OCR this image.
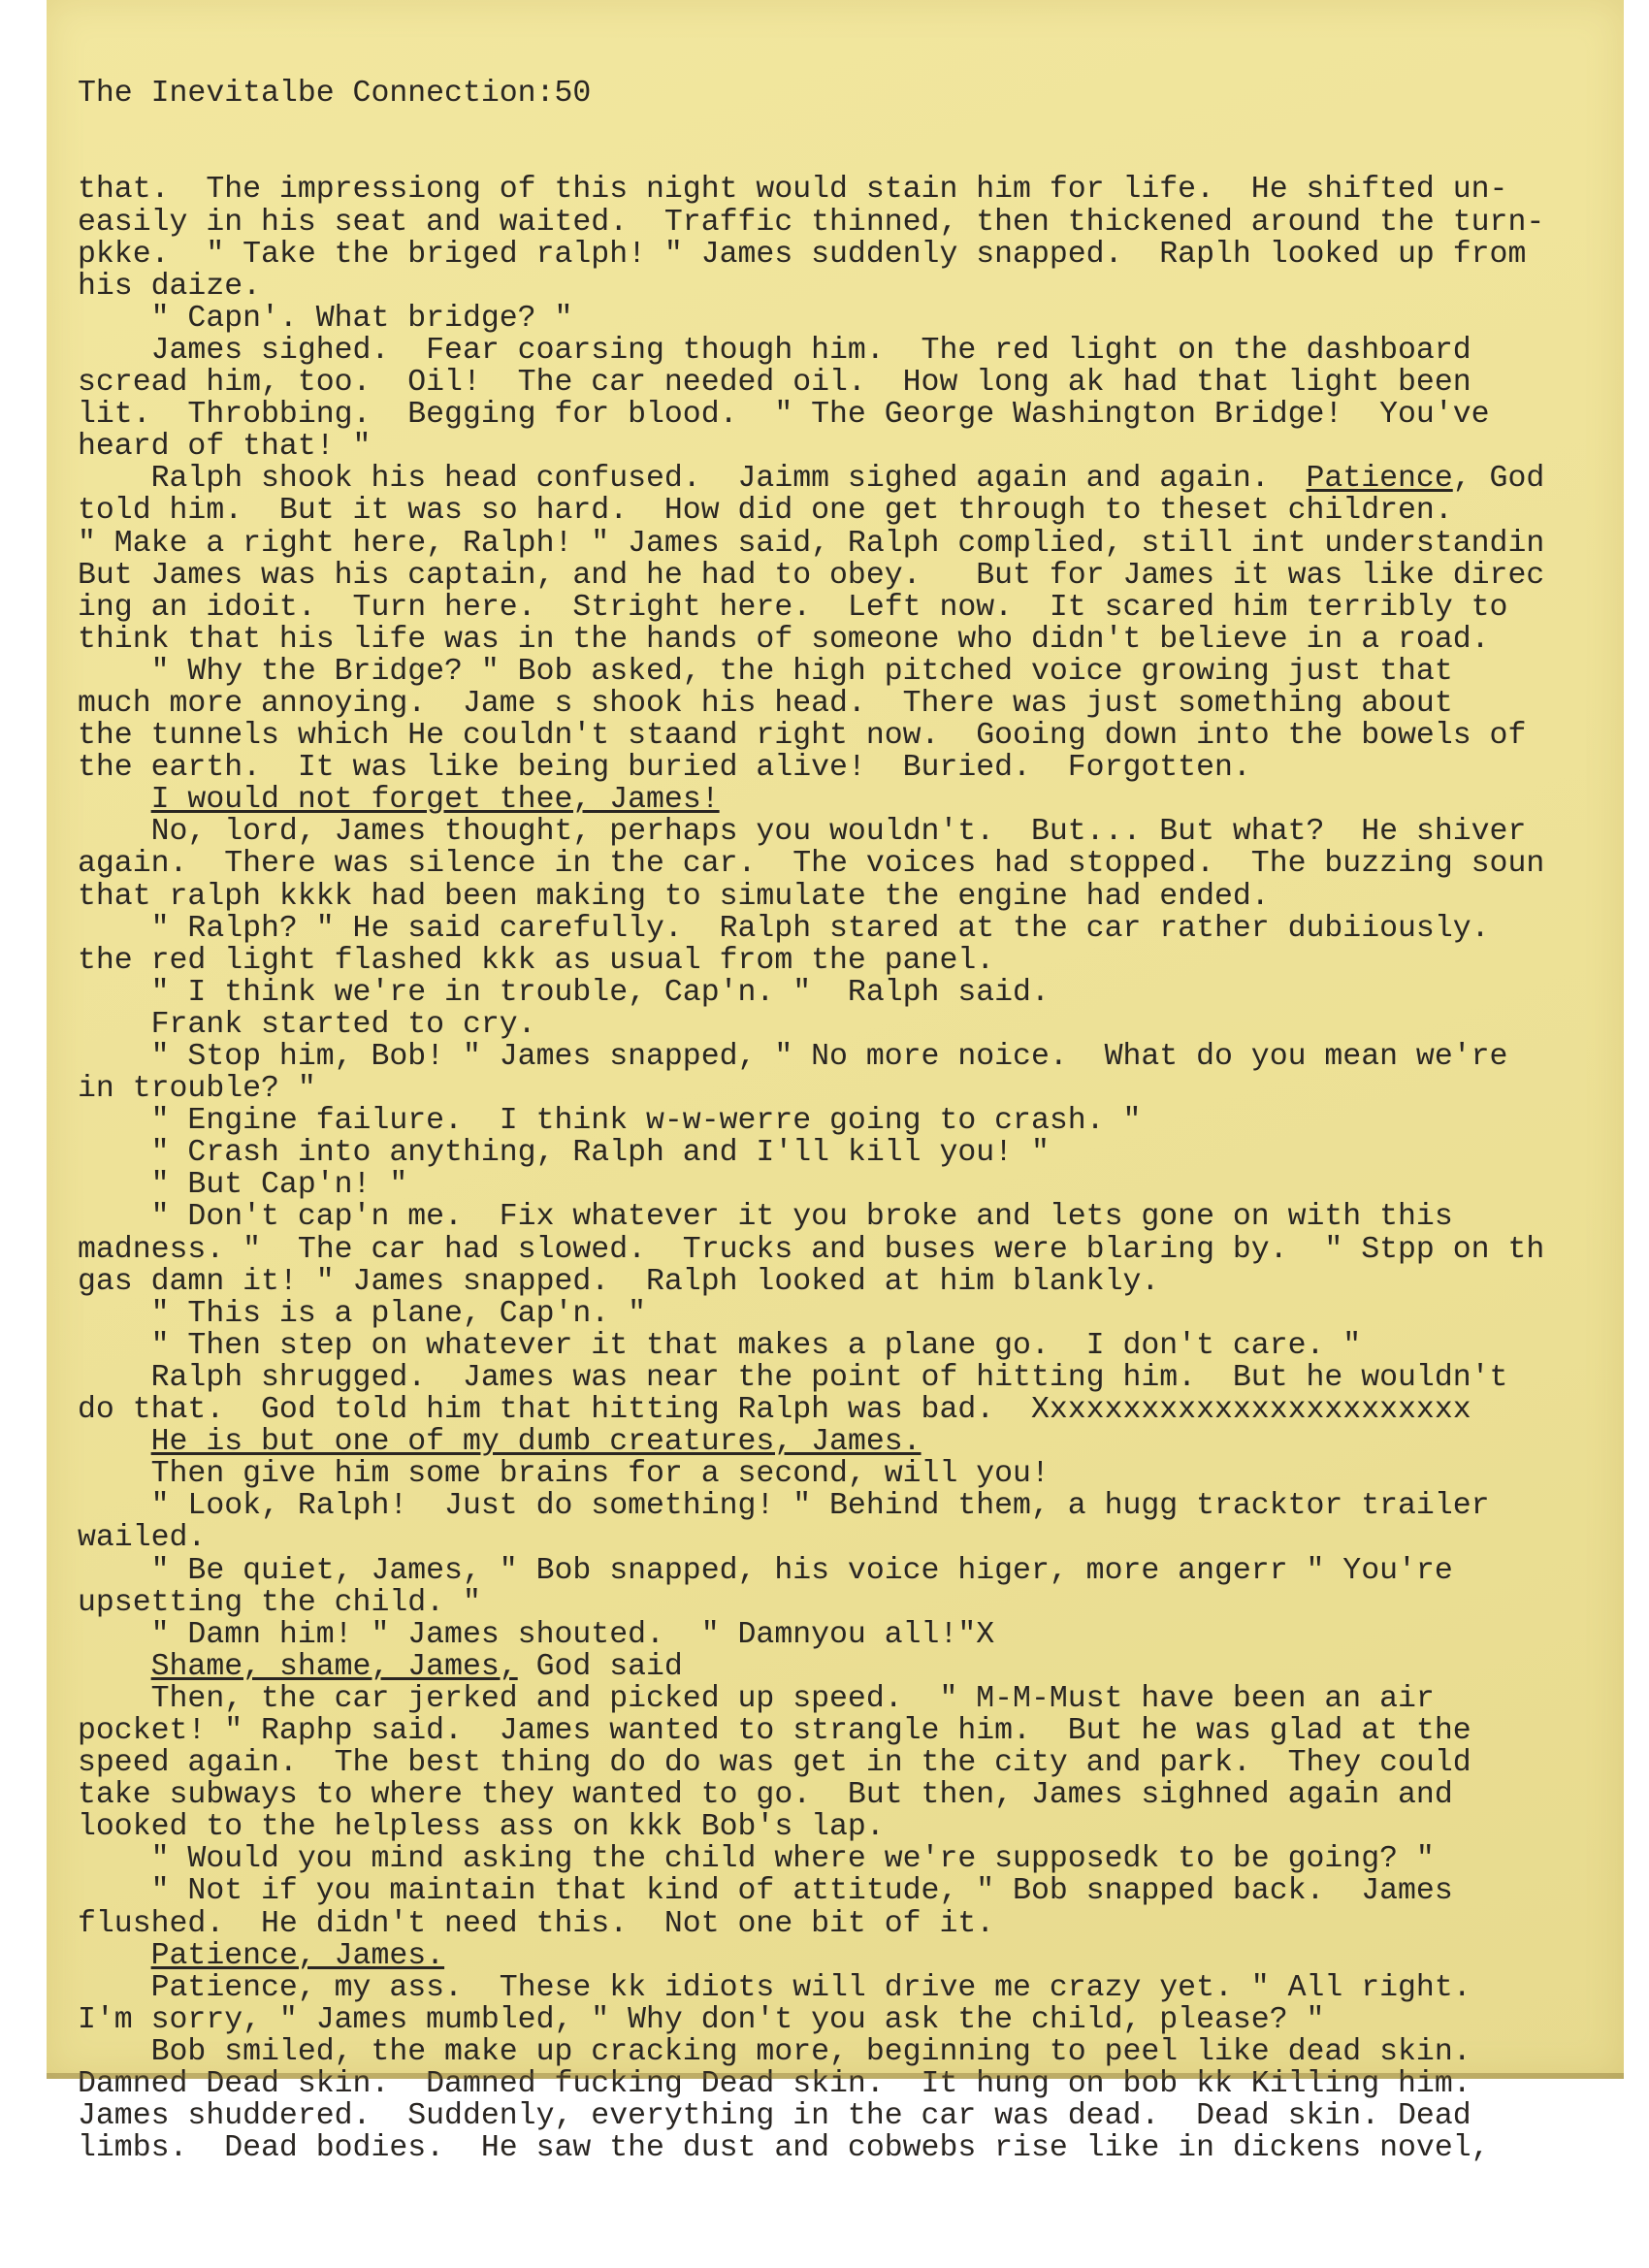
The Inevitalbe Connection:50

that.  The impressiong of this night would stain him for life.  He shifted un-
easily in his seat and waited.  Traffic thinned, then thickened around the turn-
pkke.  " Take the briged ralph! " James suddenly snapped.  Raplh looked up from
his daize.
" Capn'. What bridge? "
James sighed.  Fear coarsing though him.  The red light on the dashboard
scread him, too.  Oil!  The car needed oil.  How long ak had that light been
lit.  Throbbing.  Begging for blood.  " The George Washington Bridge!  You've
heard of that! "
Ralph shook his head confused.  Jaimm sighed again and again.  Patience, God
told him.  But it was so hard.  How did one get through to theset children.
" Make a right here, Ralph! " James said, Ralph complied, still int understandin
But James was his captain, and he had to obey.   But for James it was like direc
ing an idoit.  Turn here.  Stright here.  Left now.  It scared him terribly to
think that his life was in the hands of someone who didn't believe in a road.
" Why the Bridge? " Bob asked, the high pitched voice growing just that
much more annoying.  Jame s shook his head.  There was just something about
the tunnels which He couldn't staand right now.  Gooing down into the bowels of
the earth.  It was like being buried alive!  Buried.  Forgotten.
I would not forget thee, James!
No, lord, James thought, perhaps you wouldn't.  But... But what?  He shiver
again.  There was silence in the car.  The voices had stopped.  The buzzing soun
that ralph kkkk had been making to simulate the engine had ended.
" Ralph? " He said carefully.  Ralph stared at the car rather dubiiously.
the red light flashed kkk as usual from the panel.
" I think we're in trouble, Cap'n. "  Ralph said.
Frank started to cry.
" Stop him, Bob! " James snapped, " No more noice.  What do you mean we're
in trouble? "
" Engine failure.  I think w-w-werre going to crash. "
" Crash into anything, Ralph and I'll kill you! "
" But Cap'n! "
" Don't cap'n me.  Fix whatever it you broke and lets gone on with this
madness. "  The car had slowed.  Trucks and buses were blaring by.  " Stpp on th
gas damn it! " James snapped.  Ralph looked at him blankly.
" This is a plane, Cap'n. "
" Then step on whatever it that makes a plane go.  I don't care. "
Ralph shrugged.  James was near the point of hitting him.  But he wouldn't
do that.  God told him that hitting Ralph was bad.  Xxxxxxxxxxxxxxxxxxxxxxxx
He is but one of my dumb creatures, James.
Then give him some brains for a second, will you!
" Look, Ralph!  Just do something! " Behind them, a hugg tracktor trailer
wailed.
" Be quiet, James, " Bob snapped, his voice higer, more angerr " You're
upsetting the child. "
" Damn him! " James shouted.  " Damnyou all!"X
Shame, shame, James, God said
Then, the car jerked and picked up speed.  " M-M-Must have been an air
pocket! " Raphp said.  James wanted to strangle him.  But he was glad at the
speed again.  The best thing do do was get in the city and park.  They could
take subways to where they wanted to go.  But then, James sighned again and
looked to the helpless ass on kkk Bob's lap.
" Would you mind asking the child where we're supposedk to be going? "
" Not if you maintain that kind of attitude, " Bob snapped back.  James
flushed.  He didn't need this.  Not one bit of it.
Patience, James.
Patience, my ass.  These kk idiots will drive me crazy yet. " All right.
I'm sorry, " James mumbled, " Why don't you ask the child, please? "
Bob smiled, the make up cracking more, beginning to peel like dead skin.
Damned Dead skin.  Damned fucking Dead skin.  It hung on bob kk Killing him.
James shuddered.  Suddenly, everything in the car was dead.  Dead skin. Dead
limbs.  Dead bodies.  He saw the dust and cobwebs rise like in dickens novel,
